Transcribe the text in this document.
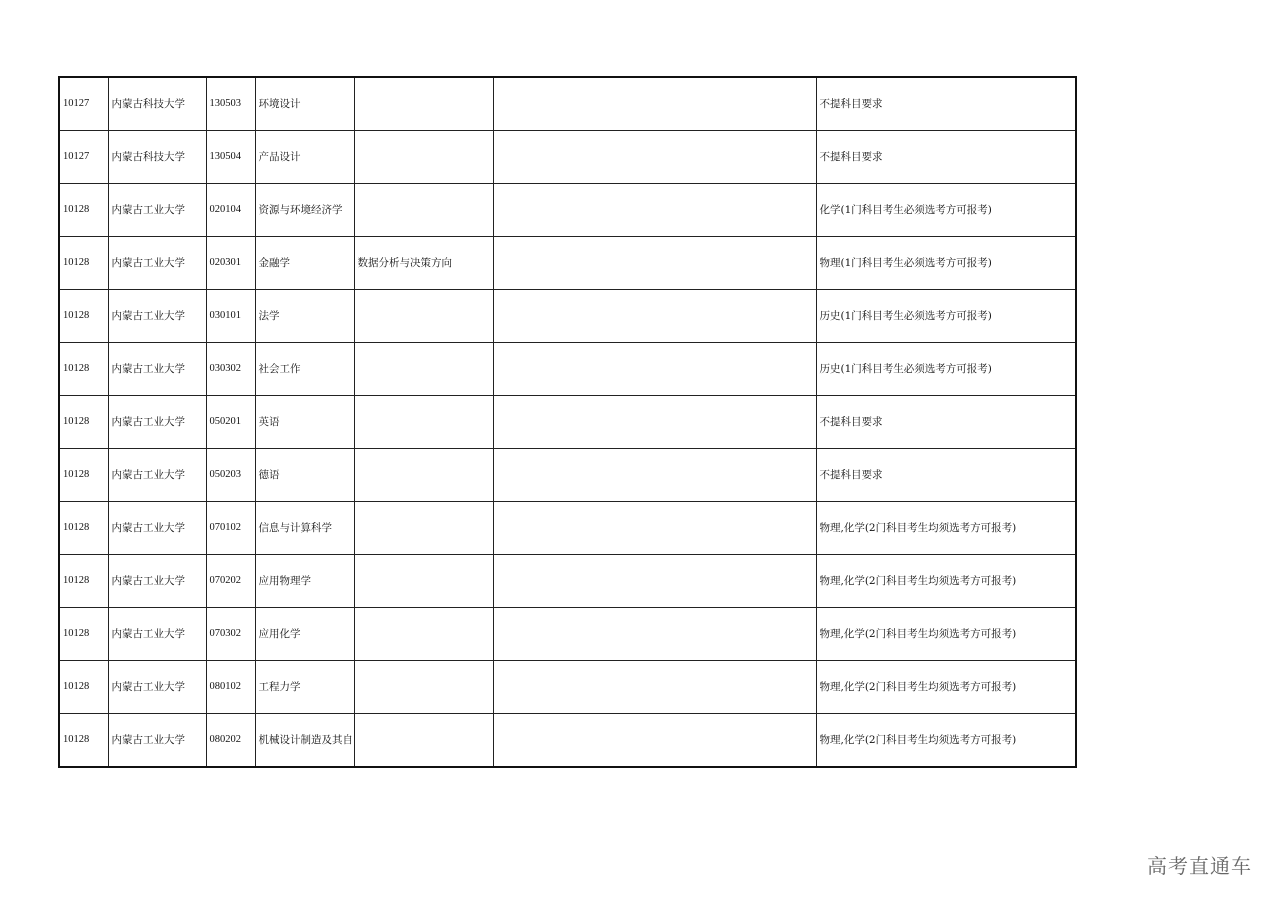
10127	内蒙古科技大学	130503	环境设计			不提科目要求
10127	内蒙古科技大学	130504	产品设计			不提科目要求
10128	内蒙古工业大学	020104	资源与环境经济学			化学(1门科目考生必须选考方可报考)
10128	内蒙古工业大学	020301	金融学	数据分析与决策方向		物理(1门科目考生必须选考方可报考)
10128	内蒙古工业大学	030101	法学			历史(1门科目考生必须选考方可报考)
10128	内蒙古工业大学	030302	社会工作			历史(1门科目考生必须选考方可报考)
10128	内蒙古工业大学	050201	英语			不提科目要求
10128	内蒙古工业大学	050203	德语			不提科目要求
10128	内蒙古工业大学	070102	信息与计算科学			物理,化学(2门科目考生均须选考方可报考)
10128	内蒙古工业大学	070202	应用物理学			物理,化学(2门科目考生均须选考方可报考)
10128	内蒙古工业大学	070302	应用化学			物理,化学(2门科目考生均须选考方可报考)
10128	内蒙古工业大学	080102	工程力学			物理,化学(2门科目考生均须选考方可报考)
10128	内蒙古工业大学	080202	机械设计制造及其自			物理,化学(2门科目考生均须选考方可报考)
高考直通车
